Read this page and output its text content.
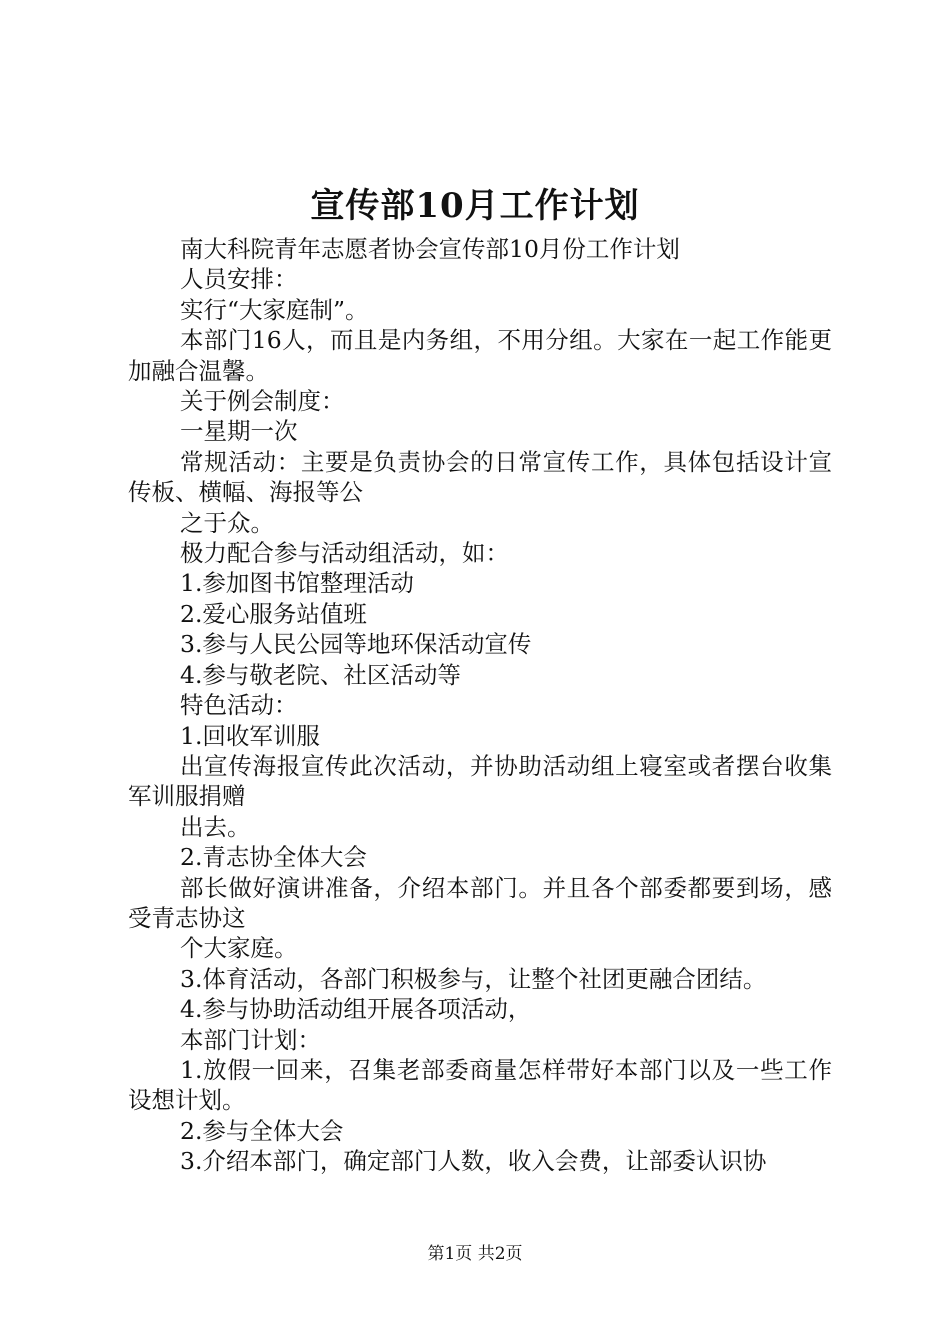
宣传部10月工作计划

南大科院青年志愿者协会宣传部10月份工作计划

人员安排：

实行“大家庭制”。

本部门16人，而且是内务组，不用分组。大家在一起工作能更加融合温馨。

关于例会制度：

一星期一次

常规活动：主要是负责协会的日常宣传工作，具体包括设计宣传板、横幅、海报等公

之于众。

极力配合参与活动组活动，如：

1.参加图书馆整理活动

2.爱心服务站值班

3.参与人民公园等地环保活动宣传

4.参与敬老院、社区活动等

特色活动：

1.回收军训服

出宣传海报宣传此次活动，并协助活动组上寝室或者摆台收集军训服捐赠

出去。

2.青志协全体大会

部长做好演讲准备，介绍本部门。并且各个部委都要到场，感受青志协这

个大家庭。

3.体育活动，各部门积极参与，让整个社团更融合团结。

4.参与协助活动组开展各项活动，

本部门计划：

1.放假一回来，召集老部委商量怎样带好本部门以及一些工作设想计划。

2.参与全体大会

3.介绍本部门，确定部门人数，收入会费，让部委认识协

第1页 共2页
